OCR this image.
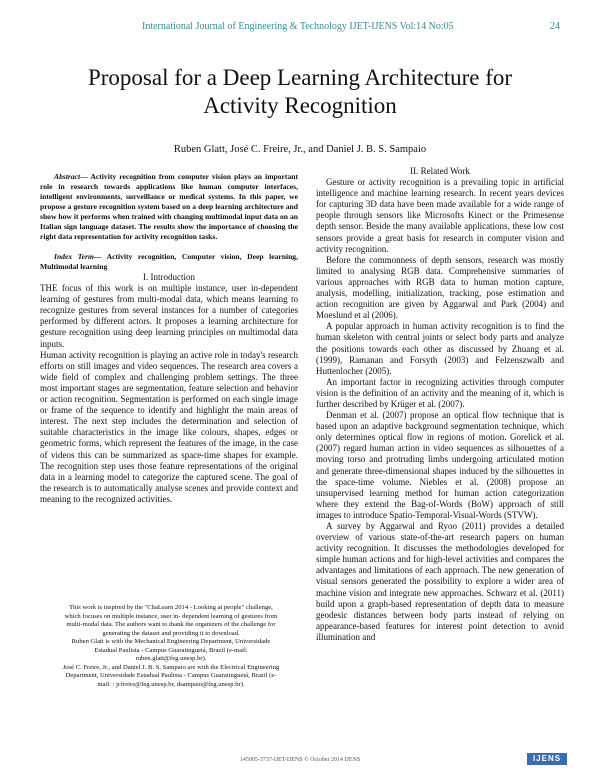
International Journal of Engineering & Technology IJET-IJENS Vol:14 No:05	24
Proposal for a Deep Learning Architecture for
Activity Recognition
Ruben Glatt, José C. Freire, Jr., and Daniel J. B. S. Sampaio

Abstract— Activity recognition from computer vision plays an important role in research towards applications like human computer interfaces, intelligent environments, surveillance or medical systems. In this paper, we propose a gesture recognition system based on a deep learning architecture and show how it performs when trained with changing multimodal input data on an Italian sign language dataset. The results show the importance of choosing the right data representation for activity recognition tasks.

Index Term— Activity recognition, Computer vision, Deep learning, Multimodal learning

I. Introduction

THE focus of this work is on multiple instance, user in-dependent learning of gestures from multi-modal data, which means learning to recognize gestures from several instances for a number of categories performed by different actors. It proposes a learning architecture for gesture recognition using deep learning principles on multimodal data inputs.

Human activity recognition is playing an active role in today's research efforts on still images and video sequences. The research area covers a wide field of complex and challenging problem settings. The three most important stages are segmentation, feature selection and behavior or action recognition. Segmentation is performed on each single image or frame of the sequence to identify and highlight the main areas of interest. The next step includes the determination and selection of suitable characteristics in the image like colours, shapes, edges or geometric forms, which represent the features of the image, in the case of videos this can be summarized as space-time shapes for example. The recognition step uses those feature representations of the original data in a learning model to categorize the captured scene. The goal of the research is to automatically analyse scenes and provide context and meaning to the recognized activities.

This work is inspired by the "ChaLearn 2014 - Looking at people" challenge, which focuses on multiple instance, user in- dependent learning of gestures from multi-modal data. The authors want to thank the organizers of the challenge for generating the dataset and providing it to download.

Ruben Glatt is with the Mechanical Engineering Department, Universidade Estadual Paulista - Campus Guaratinguetá, Brazil (e-mail: ruben.glatt@feg.unesp.br).

José C. Freire, Jr., and Daniel J. B. S. Sampaio are with the Electrical Engineering Department, Universidade Estadual Paulista - Campus Guaratinguetá, Brazil (e-mail: : jcfreire@feg.unesp.br, dsampaio@feg.unesp.br).

II. Related Work

Gesture or activity recognition is a prevailing topic in artificial intelligence and machine learning research. In recent years devices for capturing 3D data have been made available for a wide range of people through sensors like Microsofts Kinect or the Primesense depth sensor. Beside the many available applications, these low cost sensors provide a great basis for research in computer vision and activity recognition.

Before the commonness of depth sensors, research was mostly limited to analysing RGB data. Comprehensive summaries of various approaches with RGB data to human motion capture, analysis, modelling, initialization, tracking, pose estimation and action recognition are given by Aggarwal and Park (2004) and Moeslund et al (2006).

A popular approach in human activity recognition is to find the human skeleton with central joints or select body parts and analyze the positions towards each other as discussed by Zhuang et al. (1999), Ramanan and Forsyth (2003) and Felzenszwalb and Huttenlocher (2005).

An important factor in recognizing activities through computer vision is the definition of an activity and the meaning of it, which is further described by Krüger et al. (2007).

Denman et al. (2007) propose an optical flow technique that is based upon an adaptive background segmentation technique, which only determines optical flow in regions of motion. Gorelick et al. (2007) regard human action in video sequences as silhouettes of a moving torso and protruding limbs undergoing articulated motion and generate three-dimensional shapes induced by the silhouettes in the space-time volume. Niebles et al. (2008) propose an unsupervised learning method for human action categorization where they extend the Bag-of-Words (BoW) approach of still images to introduce Spatio-Temporal-Visual-Words (STVW).

A survey by Aggarwal and Ryoo (2011) provides a detailed overview of various state-of-the-art research papers on human activity recognition. It discusses the methodologies developed for simple human actions and for high-level activities and compares the advantages and limitations of each approach. The new generation of visual sensors generated the possibility to explore a wider area of machine vision and integrate new approaches. Schwarz et al. (2011) build upon a graph-based representation of depth data to measure geodesic distances between body parts instead of relying on appearance-based features for interest point detection to avoid illumination and

145905-3737-IJET-IJENS © October 2014 IJENS	IJENS
